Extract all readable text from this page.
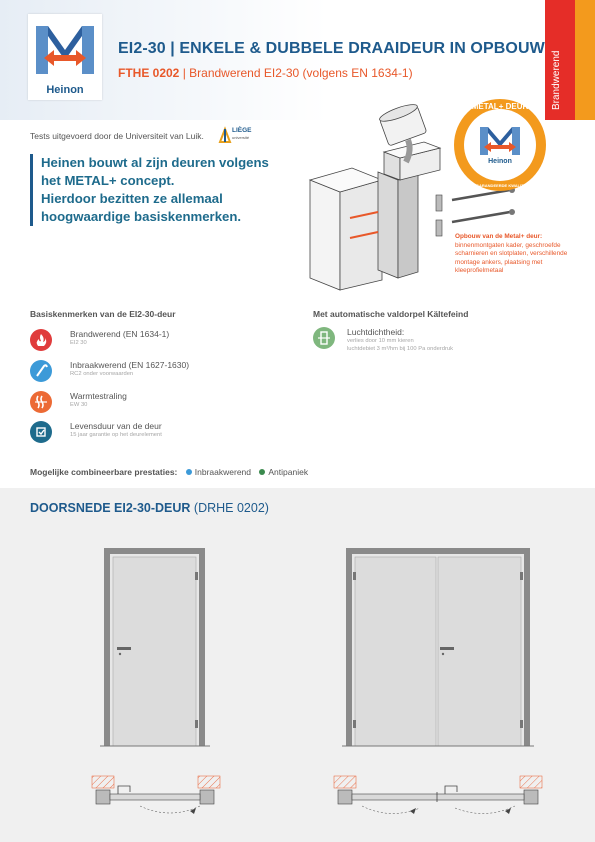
Heinon
EI2-30 | ENKELE & DUBBELE DRAAIDEUR IN OPBOUW
FTHE 0202 | Brandwerend EI2-30 (volgens EN 1634-1)	Brandwerend
Tests uitgevoerd door de Universiteit van Luik.
LIÈGE
université
Heinen bouwt al zijn deuren volgens
het METAL+ concept.
Hierdoor bezitten ze allemaal
hoogwaardige basiskenmerken.
Heinon
METAL+ DEUR
GEGARANDEERDE KWALITEIT
Opbouw van de Metal+ deur: binnenmontgaten kader, geschroefde scharnieren en slotplaten, verschillende montage ankers, plaatsing met kleeprofielmetaal
Basiskenmerken van de EI2-30-deur	Met automatische valdorpel Kältefeind
Brandwerend (EN 1634-1)
EI2 30
Inbraakwerend (EN 1627-1630)
RC2 onder voorwaarden
Warmtestraling
EW 30
Levensduur van de deur
15 jaar garantie op het deurelement
Luchtdichtheid:
verlies door 10 mm kieren
luchtdebiet 3 m³/hm bij 100 Pa onderdruk
Mogelijke combineerbare prestaties: Inbraakwerend Antipaniek
DOORSNEDE EI2-30-DEUR (DRHE 0202)
